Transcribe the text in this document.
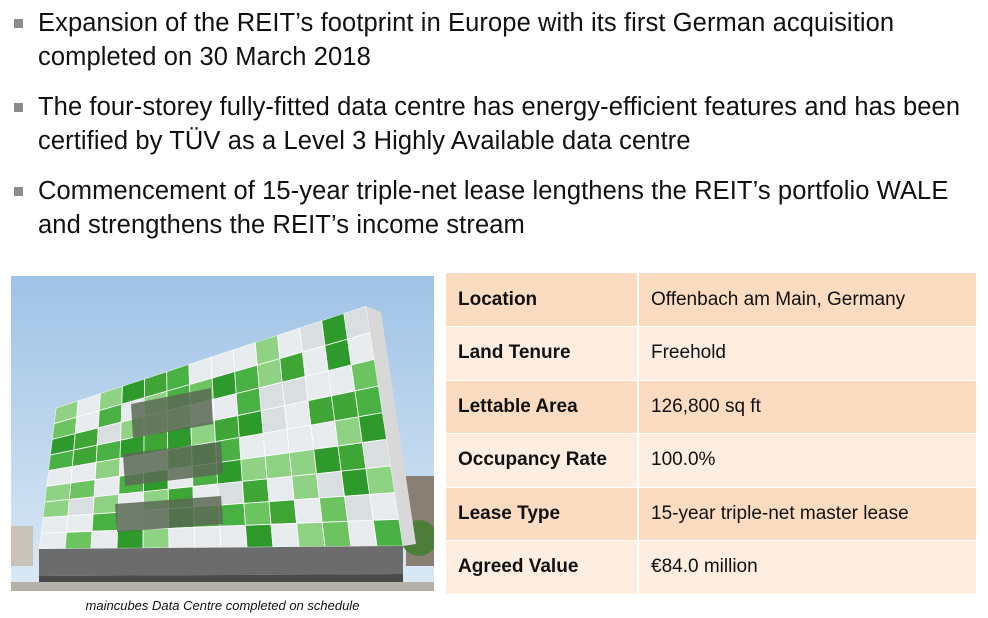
Expansion of the REIT’s footprint in Europe with its first German acquisition completed on 30 March 2018
The four-storey fully-fitted data centre has energy-efficient features and has been certified by TÜV as a Level 3 Highly Available data centre
Commencement of 15-year triple-net lease lengthens the REIT’s portfolio WALE and strengthens the REIT’s income stream
maincubes Data Centre completed on schedule
Location	Offenbach am Main, Germany
Land Tenure	Freehold
Lettable Area	126,800 sq ft
Occupancy Rate	100.0%
Lease Type	15-year triple-net master lease
Agreed Value	€84.0 million
